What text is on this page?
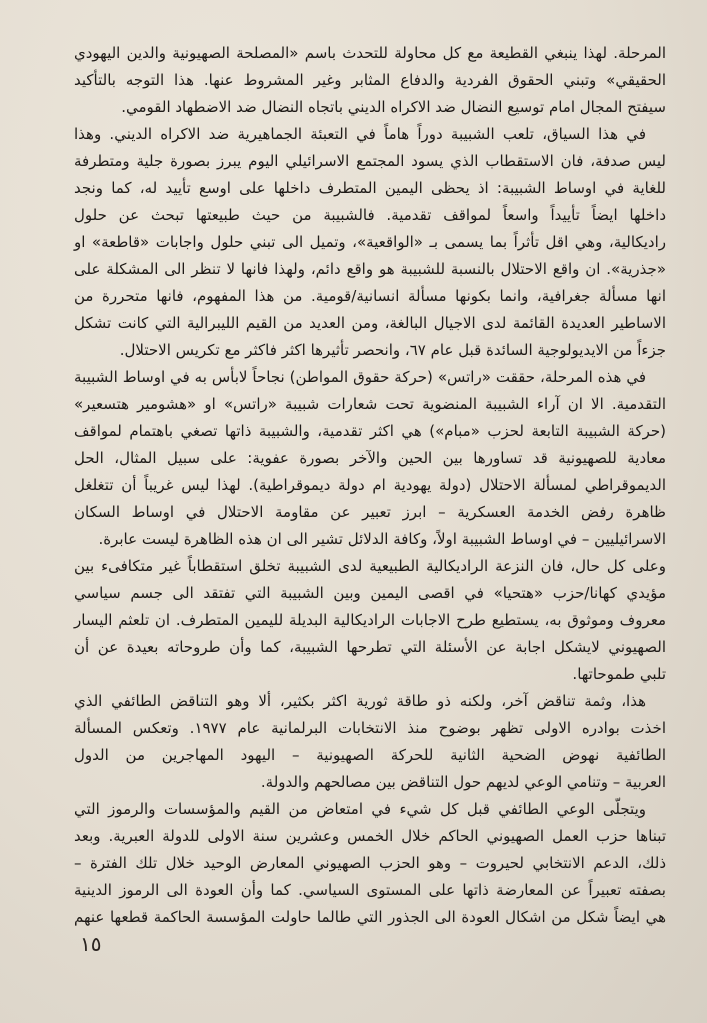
المرحلة. لهذا ينبغي القطيعة مع كل محاولة للتحدث باسم «المصلحة الصهيونية والدين اليهودي
الحقيقي» وتبني الحقوق الفردية والدفاع المثابر وغير المشروط عنها. هذا التوجه بالتأكيد
سيفتح المجال امام توسيع النضال ضد الاكراه الديني باتجاه النضال ضد الاضطهاد القومي.
في هذا السياق، تلعب الشبيبة دوراً هاماً في التعبئة الجماهيرية ضد الاكراه الديني. وهذا
ليس صدفة، فان الاستقطاب الذي يسود المجتمع الاسرائيلي اليوم يبرز بصورة جلية ومتطرفة
للغاية في اوساط الشبيبة: اذ يحظى اليمين المتطرف داخلها على اوسع تأييد له، كما ونجد
داخلها ايضاً تأييداً واسعاً لمواقف تقدمية. فالشبيبة من حيث طبيعتها تبحث عن حلول
راديكالية، وهي اقل تأثراً بما يسمى بـ «الواقعية»، وتميل الى تبني حلول واجابات «قاطعة» او
«جذرية». ان واقع الاحتلال بالنسبة للشبيبة هو واقع دائم، ولهذا فانها لا تنظر الى المشكلة على
انها مسألة جغرافية، وانما بكونها مسألة انسانية/قومية. من هذا المفهوم، فانها متحررة من
الاساطير العديدة القائمة لدى الاجيال البالغة، ومن العديد من القيم الليبرالية التي كانت تشكل
جزءاً من الايديولوجية السائدة قبل عام ٦٧، وانحصر تأثيرها اكثر فاكثر مع تكريس الاحتلال.
في هذه المرحلة، حققت «راتس» (حركة حقوق المواطن) نجاحاً لابأس به في اوساط الشبيبة
التقدمية. الا ان آراء الشبيبة المنضوية تحت شعارات شبيبة «راتس» او «هشومير هتسعير»
(حركة الشبيبة التابعة لحزب «مبام») هي اكثر تقدمية، والشبيبة ذاتها تصغي باهتمام لمواقف
معادية للصهيونية قد تساورها بين الحين والآخر بصورة عفوية: على سبيل المثال، الحل
الديموقراطي لمسألة الاحتلال (دولة يهودية ام دولة ديموقراطية). لهذا ليس غريباً أن تتغلغل
ظاهرة رفض الخدمة العسكرية – ابرز تعبير عن مقاومة الاحتلال في اوساط السكان
الاسرائيليين – في اوساط الشبيبة اولاً، وكافة الدلائل تشير الى ان هذه الظاهرة ليست عابرة.
وعلى كل حال، فان النزعة الراديكالية الطبيعية لدى الشبيبة تخلق استقطاباً غير متكافىء بين
مؤيدي كهانا/حزب «هتحيا» في اقصى اليمين وبين الشبيبة التي تفتقد الى جسم سياسي
معروف وموثوق به، يستطيع طرح الاجابات الراديكالية البديلة لليمين المتطرف. ان تلعثم اليسار
الصهيوني لايشكل اجابة عن الأسئلة التي تطرحها الشبيبة، كما وأن طروحاته بعيدة عن أن
تلبي طموحاتها.
هذا، وثمة تناقض آخر، ولكنه ذو طاقة ثورية اكثر بكثير، ألا وهو التناقض الطائفي الذي
اخذت بوادره الاولى تظهر بوضوح منذ الانتخابات البرلمانية عام ١٩٧٧. وتعكس المسألة
الطائفية نهوض الضحية الثانية للحركة الصهيونية – اليهود المهاجرين من الدول
العربية – وتنامي الوعي لديهم حول التناقض بين مصالحهم والدولة.
ويتجلّى الوعي الطائفي قبل كل شيء في امتعاض من القيم والمؤسسات والرموز التي
تبناها حزب العمل الصهيوني الحاكم خلال الخمس وعشرين سنة الاولى للدولة العبرية. وبعد
ذلك، الدعم الانتخابي لحيروت – وهو الحزب الصهيوني المعارض الوحيد خلال تلك الفترة –
بصفته تعبيراً عن المعارضة ذاتها على المستوى السياسي. كما وأن العودة الى الرموز الدينية
هي ايضاً شكل من اشكال العودة الى الجذور التي طالما حاولت المؤسسة الحاكمة قطعها عنهم
١٥
